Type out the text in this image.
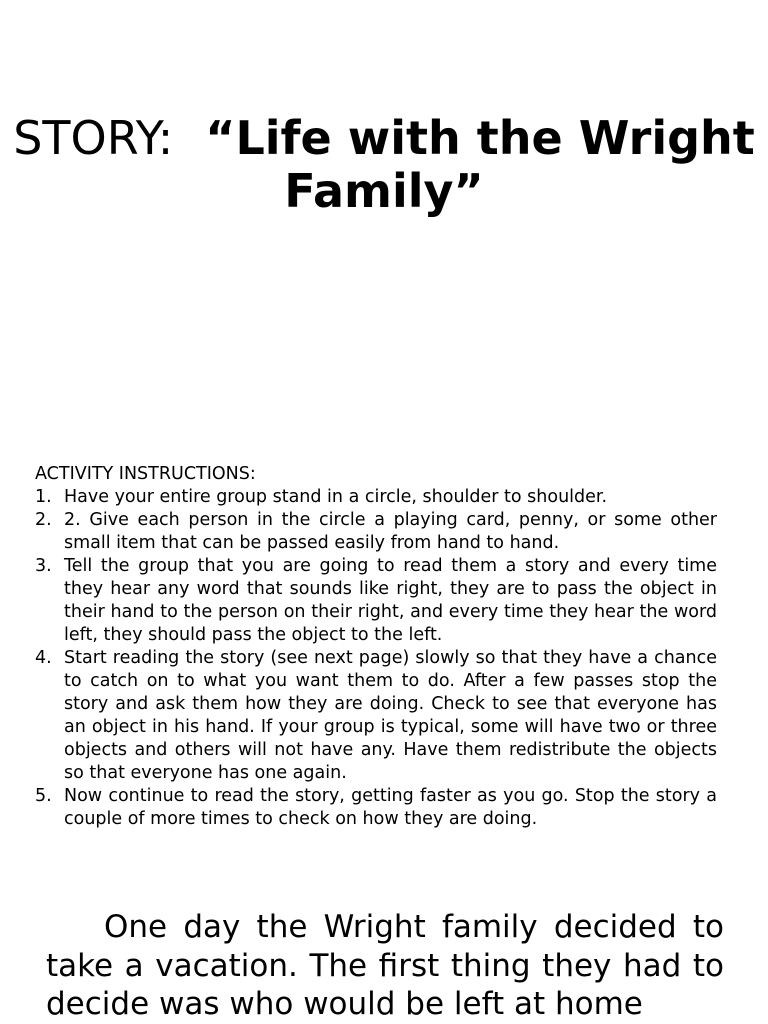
STORY: “Life with the Wright Family”
ACTIVITY INSTRUCTIONS:
1. Have your entire group stand in a circle, shoulder to shoulder.
2. 2. Give each person in the circle a playing card, penny, or some other small item that can be passed easily from hand to hand.
3. Tell the group that you are going to read them a story and every time they hear any word that sounds like right, they are to pass the object in their hand to the person on their right, and every time they hear the word left, they should pass the object to the left.
4. Start reading the story (see next page) slowly so that they have a chance to catch on to what you want them to do. After a few passes stop the story and ask them how they are doing. Check to see that everyone has an object in his hand. If your group is typical, some will have two or three objects and others will not have any. Have them redistribute the objects so that everyone has one again.
5. Now continue to read the story, getting faster as you go. Stop the story a couple of more times to check on how they are doing.

One day the Wright family decided to take a vacation. The first thing they had to decide was who would be left at home
